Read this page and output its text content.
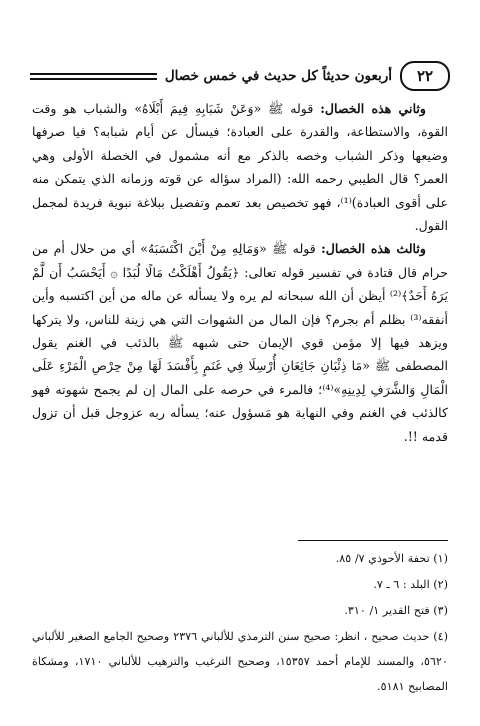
٢٢
أربعون حديثاً كل حديث في خمس خصال

وثاني هذه الخصال: قوله ﷺ «وَعَنْ شَبَابِهِ فِيمَ أَبْلَاهُ» والشباب هو وقت القوة، والاستطاعة، والقدرة على العبادة؛ فيسأل عن أيام شبابه؟ فيا صرفها وضيعها وذكر الشباب وخصه بالذكر مع أنه مشمول في الخصلة الأولى وهي العمر؟ قال الطيبي رحمه الله: (المراد سؤاله عن قوته وزمانه الذي يتمكن منه على أقوى العبادة)⁽¹⁾، فهو تخصيص بعد تعمم وتفصيل ببلاغة نبوية فريدة لمجمل القول.

وثالث هذه الخصال: قوله ﷺ «وَمَالِهِ مِنْ أَيْنَ اكْتَسَبَهُ» أي من حلال أم من حرام قال قتادة في تفسير قوله تعالى: ﴿يَقُولُ أَهْلَكْتُ مَالًا لُبَدًا ۞ أَيَحْسَبُ أَن لَّمْ يَرَهُ أَحَدٌ﴾⁽²⁾ أيظن أن الله سبحانه لم يره ولا يسأله عن ماله من أين اكتسبه وأين أنفقه⁽³⁾ بظلم أم بجرم؟ فإن المال من الشهوات التي هي زينة للناس، ولا يتركها ويزهد فيها إلا مؤمن قوي الإيمان حتى شبهه ﷺ بالذئب في الغنم يقول المصطفى ﷺ «مَا ذِئْبَانِ جَائِعَانِ أُرْسِلَا فِي غَنَمٍ بِأَفْسَدَ لَهَا مِنْ حِرْصِ الْمَرْءِ عَلَى الْمَالِ وَالشَّرَفِ لِدِينِهِ»⁽⁴⁾؛ فالمرء في حرصه على المال إن لم يجمح شهوته فهو كالذئب في الغنم وفي النهاية هو مَسؤول عنه؛ يسأله ربه عزوجل قبل أن تزول قدمه !!.

(١) تحفة الأحوذي ٧/ ٨٥.

(٢) البلد : ٦ ـ ٧.

(٣) فتح القدير ١/ ٣١٠.

(٤) حديث صحيح ، انظر: صحيح سنن الترمذي للألباني ٢٣٧٦ وصحيح الجامع الصغير للألباني ٥٦٢٠، والمسند للإمام أحمد ١٥٣٥٧، وصحيح الترغيب والترهيب للألباني ١٧١٠، ومشكاة المصابيح ٥١٨١.
